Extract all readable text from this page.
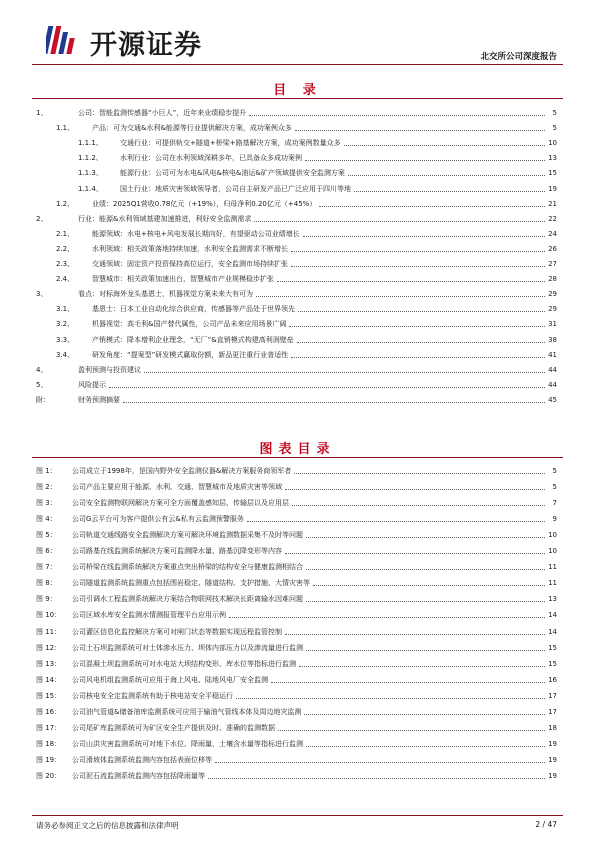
开源证券	北交所公司深度报告
目 录
1、	公司：智能监测传感器“小巨人”，近年来业绩稳步提升	5
1.1、	产品：可为交通&水利&能源等行业提供解决方案，成功案例众多	5
1.1.1、 交通行业：可提供轨交+隧道+桥梁+路基解决方案，成功案例数量众多	10
1.1.2、 水利行业：公司在水利领域深耕多年，已具备众多成功案例	13
1.1.3、 能源行业：公司可为水电&风电&核电&油运&矿产领域提供安全监测方案	15
1.1.4、 国土行业：地质灾害领域领导者，公司自主研发产品已广泛应用于四川等地	19
1.2、	业绩：2025Q1营收0.78亿元（+19%），归母净利0.20亿元（+45%）	21
2、	行业：能源&水利领域基建加速推进，利好安全监测需求	22
2.1、	能源领域：水电+核电+风电发展长期向好，有望驱动公司业绩增长	24
2.2、	水利领域：相关政策落地持续加速，水利安全监测需求不断增长	26
2.3、	交通领域：固定资产投资保持高位运行，安全监测市场持续扩张	27
2.4、	智慧城市：相关政策加速出台，智慧城市产业规模稳步扩张	28
3、	看点：对标海外龙头基恩士，机器视觉方案未来大有可为	29
3.1、	基恩士：日本工业自动化综合供应商，传感器等产品处于世界领先	29
3.2、	机器视觉：高毛利&国产替代属性，公司产品未来应用场景广阔	31
3.3、	产销模式：降本增利企业理念，“无厂”&直销模式构建高利润壁垒	38
3.4、	研发角度：“提案型”研发模式赢取份额，新品更注重行业普适性	41
4、	盈利预测与投资建议	44
5、	风险提示	44
附：	财务预测摘要	45
图表目录
图 1： 公司成立于1998年，是国内野外安全监测仪器&解决方案服务商领军者	5
图 2： 公司产品主要应用于能源、水利、交通、智慧城市及地质灾害等领域	5
图 3： 公司安全监测物联网解决方案可全方面覆盖感知层、传输层以及应用层	7
图 4： 公司G云平台可为客户提供公有云&私有云监测预警服务	9
图 5： 公司轨道交通线路安全监测解决方案可解决环境监测数据采集不及时等问题	10
图 6： 公司路基在线监测系统解决方案可监测降水量、路基沉降变形等内容	10
图 7： 公司桥梁在线监测系统解决方案重点突出桥梁的结构安全与健康监测相结合	11
图 8： 公司隧道监测系统监测重点包括围岩稳定、隧道结构、支护措施、大情灾害等	11
图 9： 公司引调水工程监测系统解决方案结合物联网技术解决长距离输水因难问题	13
图 10： 公司区域水库安全监测水情测报管理平台应用示例	14
图 11： 公司灌区信息化监控解决方案可对闸门状态等数据实现远程监管控制	14
图 12： 公司土石坝监测系统可对土体渗水压力、坝体内部压力以及渗流量进行监测	15
图 13： 公司混凝土坝监测系统可对水电站大坝结构变形、库水位等指标进行监测	15
图 14： 公司风电机组监测系统可应用于海上风电、陆地风电厂安全监测	16
图 15： 公司核电安全定监测系统有助于核电站安全平稳运行	17
图 16： 公司油气管道&储备油库监测系统可应用于输油气管线本体及周边地灾监测	17
图 17： 公司尾矿库监测系统可为矿区安全生产提供及时、准确的监测数据	18
图 18： 公司山洪灾害监测系统可对地下水位、降雨量、土壤含水量等指标进行监测	19
图 19： 公司滑坡体监测系统监测内容包括表面位移等	19
图 20： 公司泥石流监测系统监测内容包括降雨量等	19
请务必参阅正文之后的信息披露和法律声明	2 / 47
